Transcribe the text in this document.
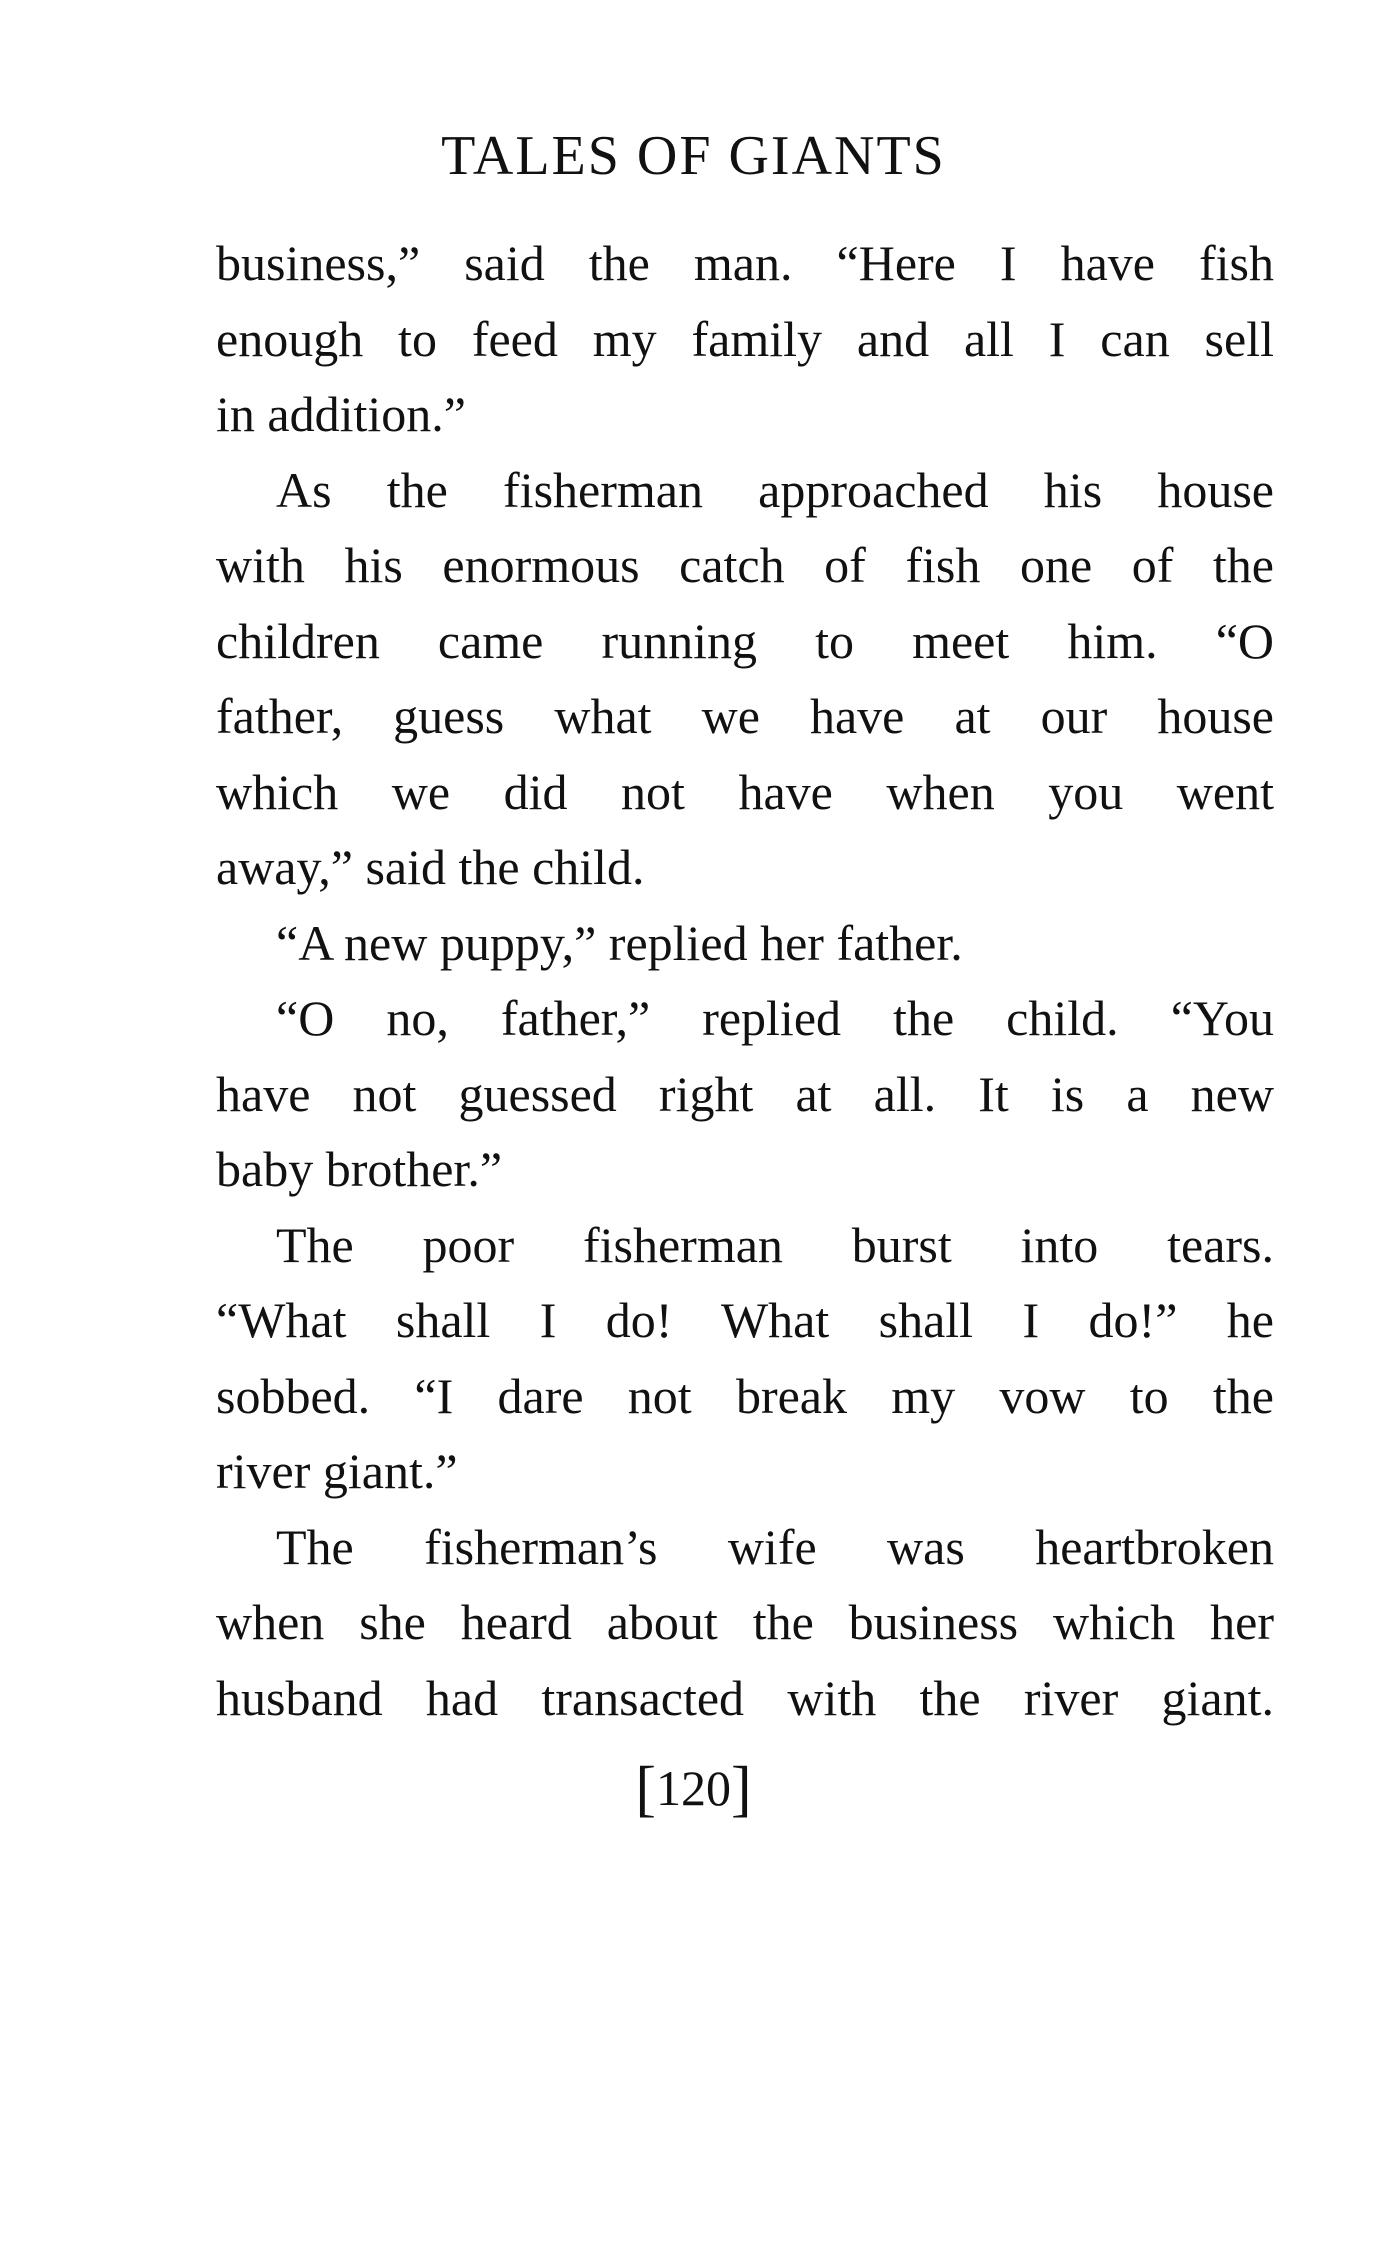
TALES OF GIANTS
business,” said the man. “Here I have fish
enough to feed my family and all I can sell
in addition.”
As the fisherman approached his house
with his enormous catch of fish one of the
children came running to meet him. “O
father, guess what we have at our house
which we did not have when you went
away,” said the child.
“A new puppy,” replied her father.
“O no, father,” replied the child. “You
have not guessed right at all. It is a new
baby brother.”
The poor fisherman burst into tears.
“What shall I do! What shall I do!” he
sobbed. “I dare not break my vow to the
river giant.”
The fisherman’s wife was heartbroken
when she heard about the business which her
husband had transacted with the river giant.
[120]
